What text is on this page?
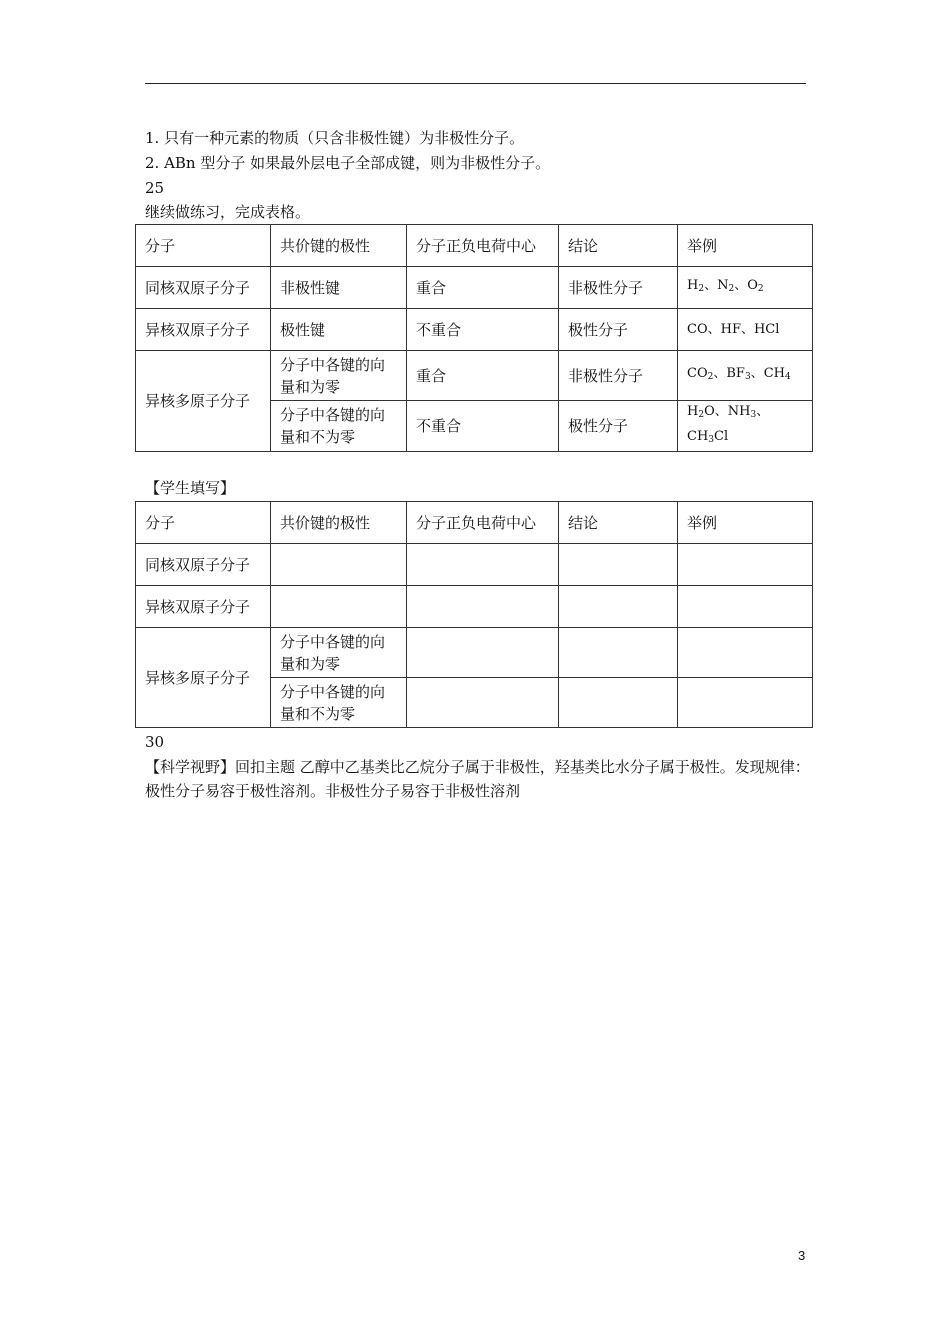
1. 只有一种元素的物质（只含非极性键）为非极性分子。
2. ABn 型分子 如果最外层电子全部成键，则为非极性分子。
25
继续做练习，完成表格。
分子	共价键的极性	分子正负电荷中心	结论	举例
同核双原子分子	非极性键	重合	非极性分子	$H_2$、$N_2$、$O_2$
异核双原子分子	极性键	不重合	极性分子	CO、HF、HCl
异核多原子分子	分子中各键的向量和为零	重合	非极性分子	$CO_2$、$BF_3$、$CH_4$
	分子中各键的向量和不为零	不重合	极性分子	$H_2O$、$NH_3$、$CH_3Cl$
【学生填写】
分子	共价键的极性	分子正负电荷中心	结论	举例
同核双原子分子				
异核双原子分子				
异核多原子分子	分子中各键的向量和为零			
	分子中各键的向量和不为零			
30
【科学视野】回扣主题 乙醇中乙基类比乙烷分子属于非极性，羟基类比水分子属于极性。发现规律：极性分子易容于极性溶剂。非极性分子易容于非极性溶剂
3
